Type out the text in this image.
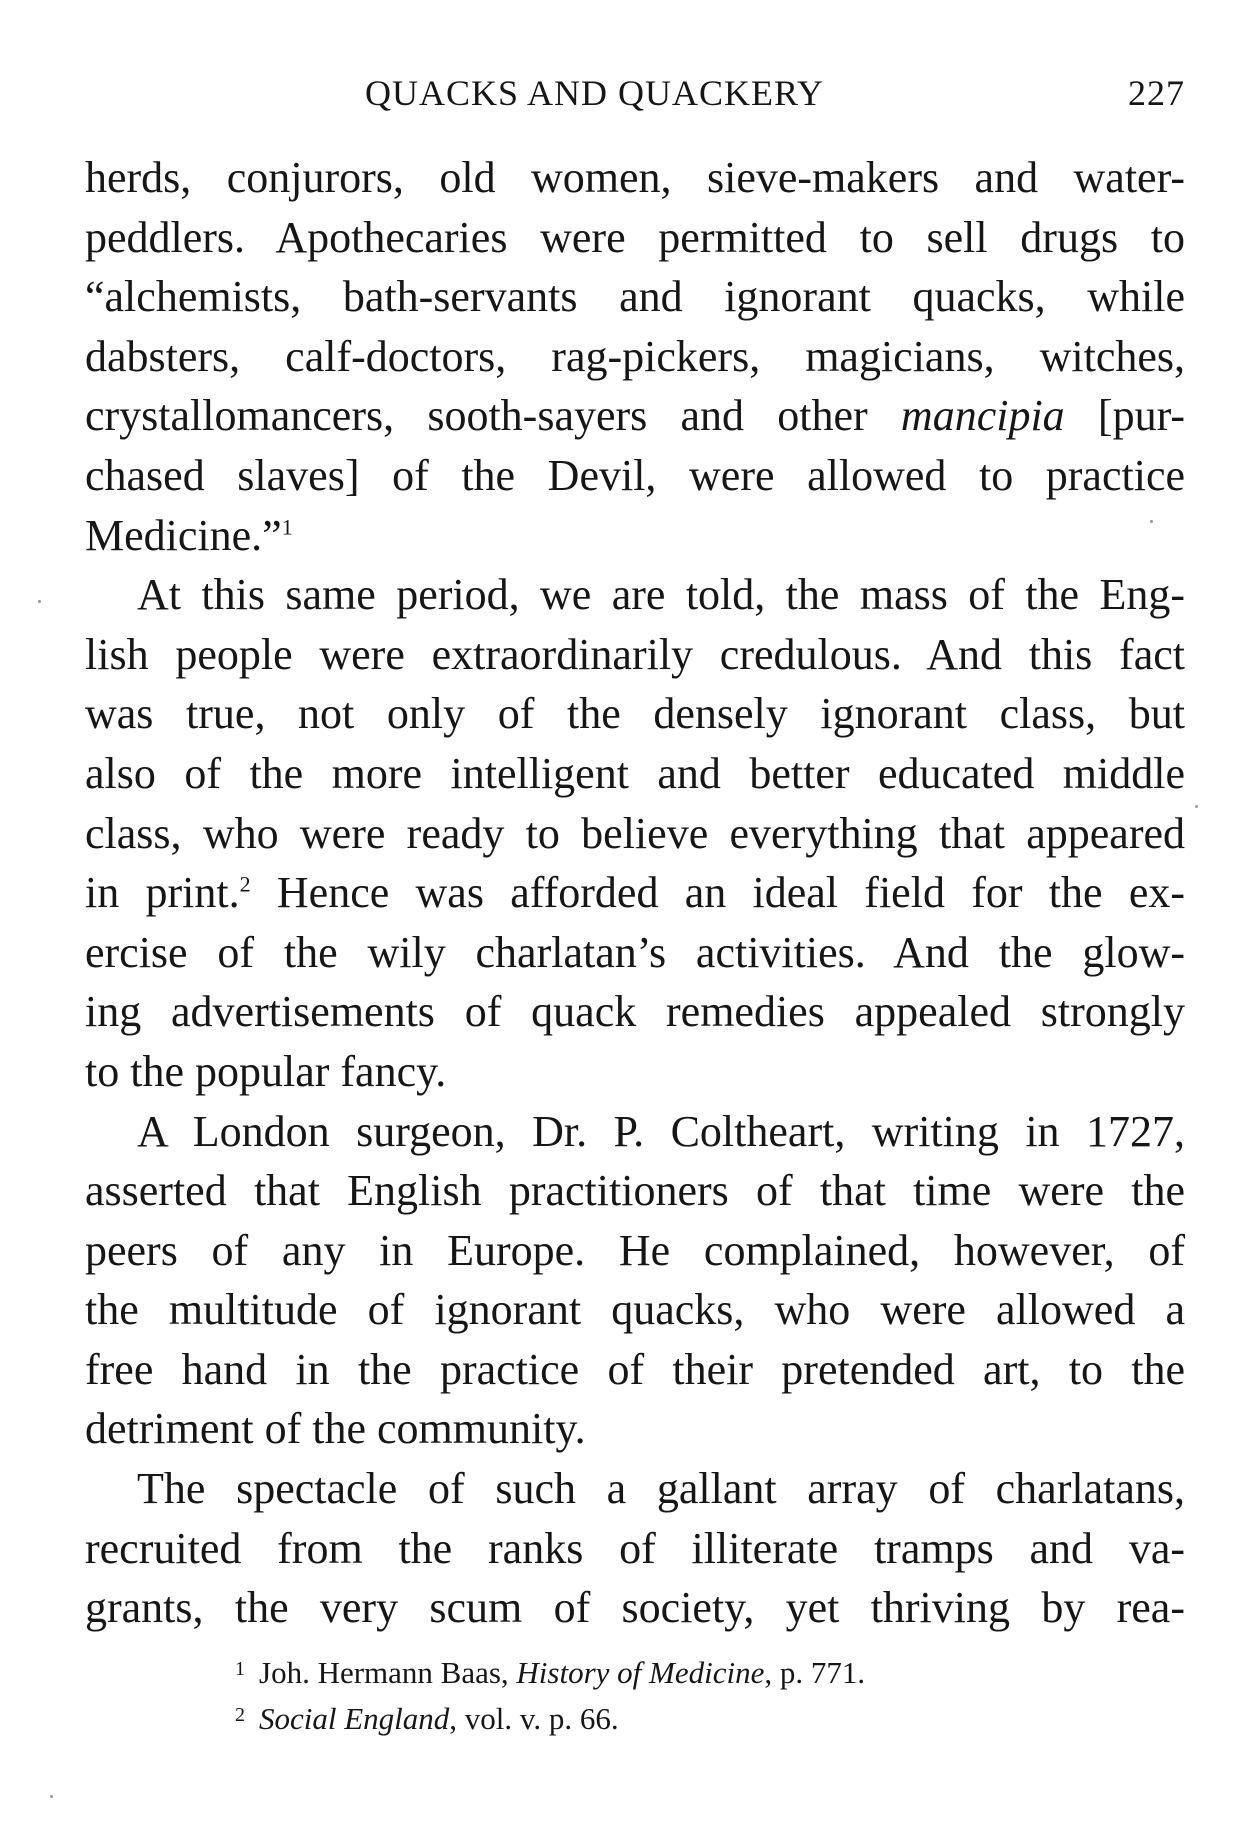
QUACKS AND QUACKERY	227
herds, conjurors, old women, sieve-makers and water-
peddlers. Apothecaries were permitted to sell drugs to
“alchemists, bath-servants and ignorant quacks, while
dabsters, calf-doctors, rag-pickers, magicians, witches,
crystallomancers, sooth-sayers and other mancipia [pur-
chased slaves] of the Devil, were allowed to practice
Medicine.”$^1$
At this same period, we are told, the mass of the Eng-
lish people were extraordinarily credulous. And this fact
was true, not only of the densely ignorant class, but
also of the more intelligent and better educated middle
class, who were ready to believe everything that appeared
in print.$^2$ Hence was afforded an ideal field for the ex-
ercise of the wily charlatan’s activities. And the glow-
ing advertisements of quack remedies appealed strongly
to the popular fancy.
A London surgeon, Dr. P. Coltheart, writing in 1727,
asserted that English practitioners of that time were the
peers of any in Europe. He complained, however, of
the multitude of ignorant quacks, who were allowed a
free hand in the practice of their pretended art, to the
detriment of the community.
The spectacle of such a gallant array of charlatans,
recruited from the ranks of illiterate tramps and va-
grants, the very scum of society, yet thriving by rea-
$^1$ Joh. Hermann Baas, History of Medicine, p. 771.
$^2$ Social England, vol. v. p. 66.
